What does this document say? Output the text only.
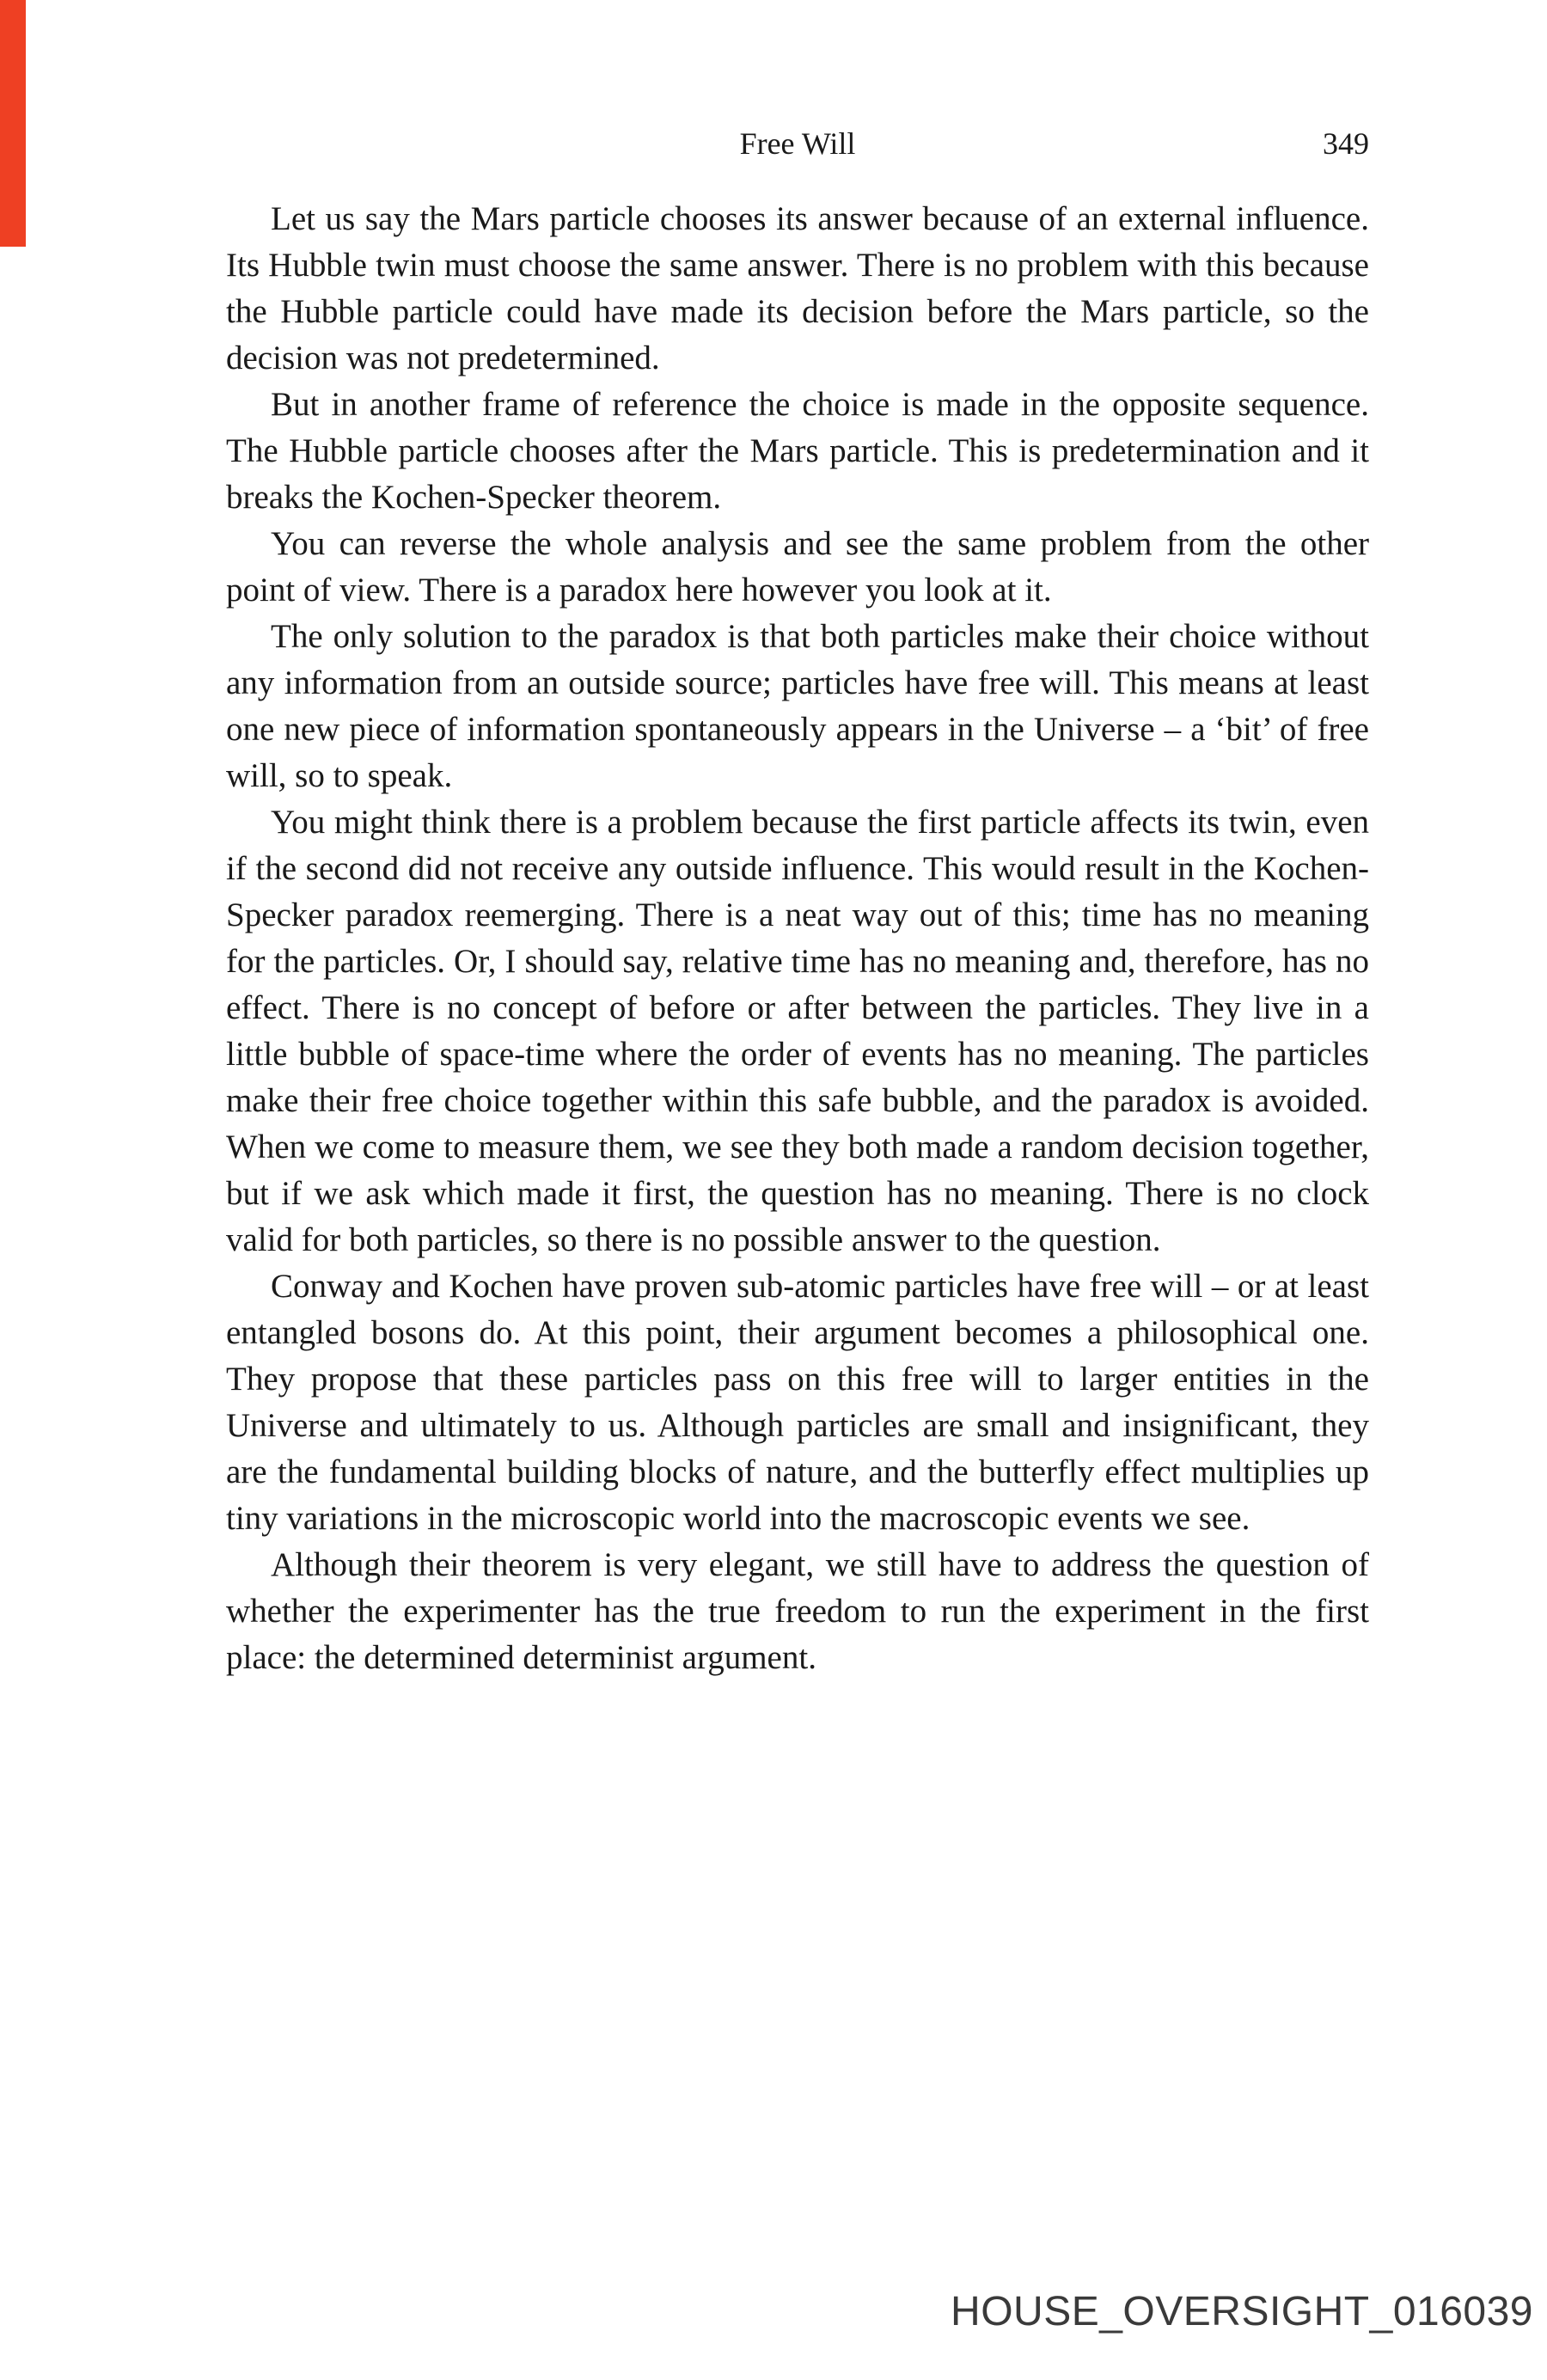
Free Will	349

Let us say the Mars particle chooses its answer because of an external influence. Its Hubble twin must choose the same answer. There is no problem with this because the Hubble particle could have made its decision before the Mars particle, so the decision was not predetermined.

But in another frame of reference the choice is made in the opposite sequence. The Hubble particle chooses after the Mars particle. This is predetermination and it breaks the Kochen-Specker theorem.

You can reverse the whole analysis and see the same problem from the other point of view. There is a paradox here however you look at it.

The only solution to the paradox is that both particles make their choice without any information from an outside source; particles have free will. This means at least one new piece of information spontaneously appears in the Universe – a ‘bit’ of free will, so to speak.

You might think there is a problem because the first particle affects its twin, even if the second did not receive any outside influence. This would result in the Kochen-Specker paradox reemerging. There is a neat way out of this; time has no meaning for the particles. Or, I should say, relative time has no meaning and, therefore, has no effect. There is no concept of before or after between the particles. They live in a little bubble of space-time where the order of events has no meaning. The particles make their free choice together within this safe bubble, and the paradox is avoided. When we come to measure them, we see they both made a random decision together, but if we ask which made it first, the question has no meaning. There is no clock valid for both particles, so there is no possible answer to the question.

Conway and Kochen have proven sub-atomic particles have free will – or at least entangled bosons do. At this point, their argument becomes a philosophical one. They propose that these particles pass on this free will to larger entities in the Universe and ultimately to us. Although particles are small and insignificant, they are the fundamental building blocks of nature, and the butterfly effect multiplies up tiny variations in the microscopic world into the macroscopic events we see.

Although their theorem is very elegant, we still have to address the question of whether the experimenter has the true freedom to run the experiment in the first place: the determined determinist argument.

HOUSE_OVERSIGHT_016039
